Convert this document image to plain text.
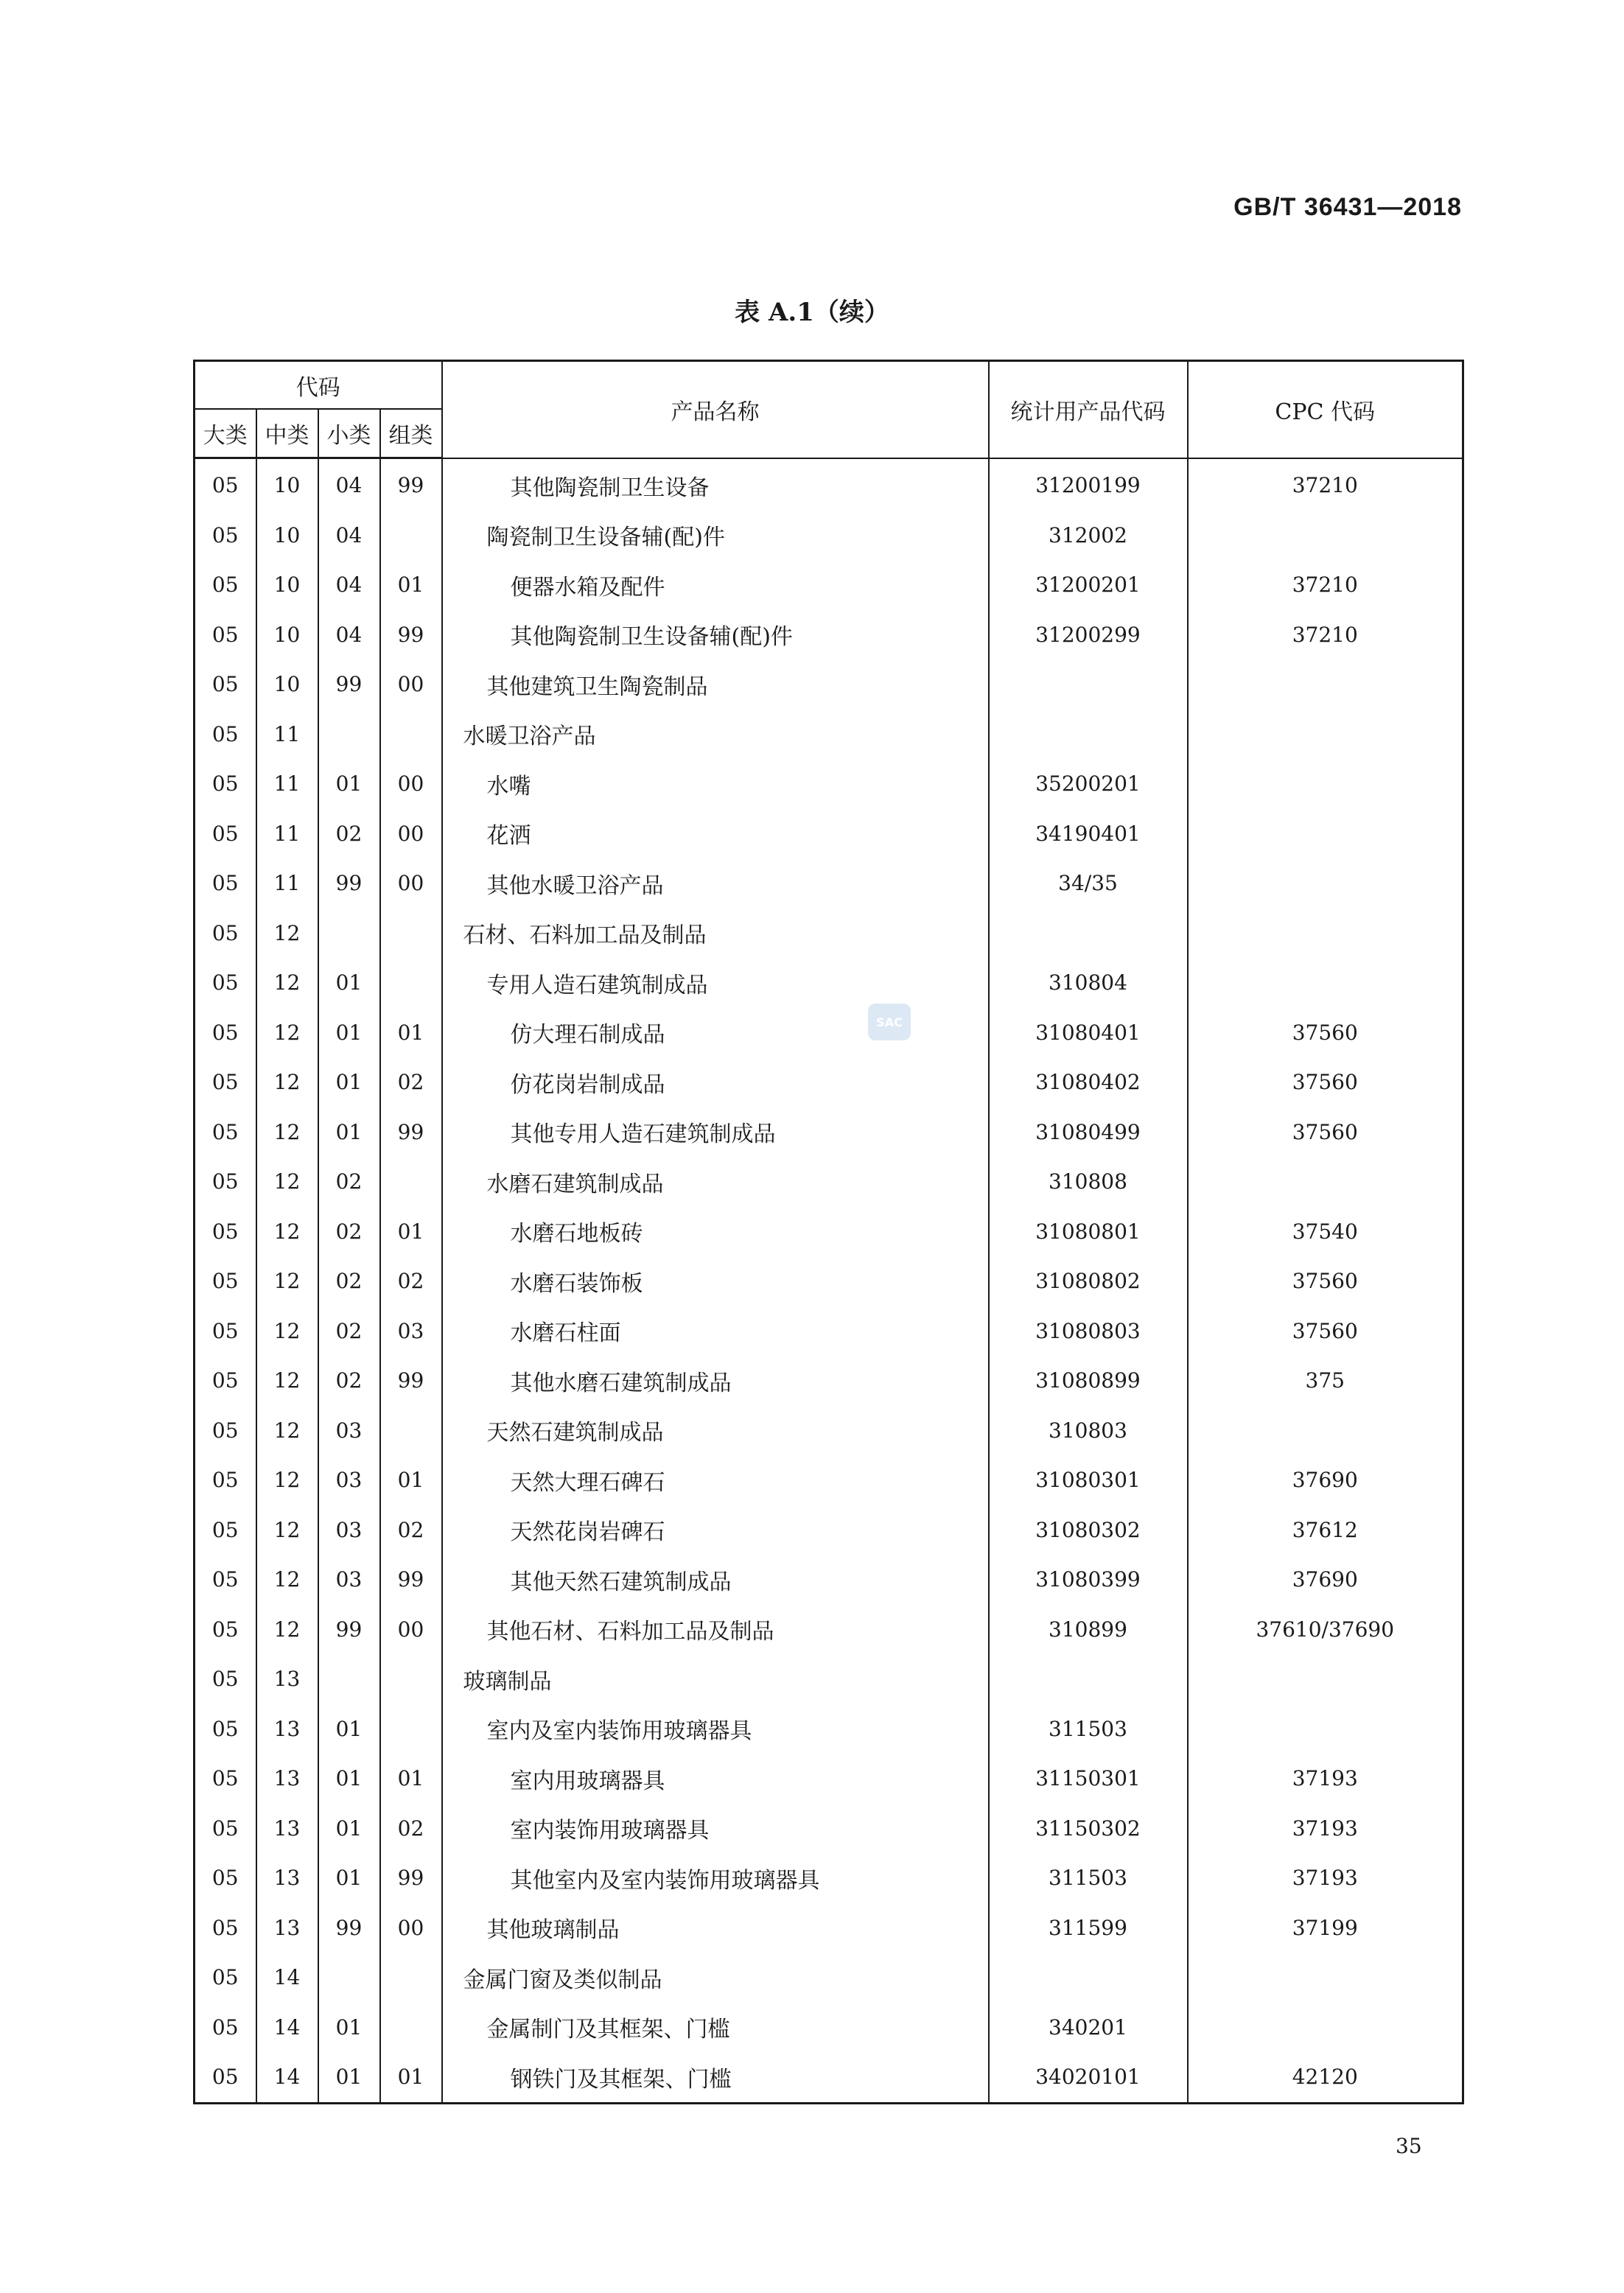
GB/T 36431—2018
表 A.1（续）
代码				产品名称	统计用产品代码	CPC 代码
大类	中类	小类	组类			
05	10	04	99	其他陶瓷制卫生设备	31200199	37210
05	10	04		陶瓷制卫生设备辅(配)件	312002	
05	10	04	01	便器水箱及配件	31200201	37210
05	10	04	99	其他陶瓷制卫生设备辅(配)件	31200299	37210
05	10	99	00	其他建筑卫生陶瓷制品		
05	11			水暖卫浴产品		
05	11	01	00	水嘴	35200201	
05	11	02	00	花洒	34190401	
05	11	99	00	其他水暖卫浴产品	34/35	
05	12			石材、石料加工品及制品		
05	12	01		专用人造石建筑制成品	310804	
05	12	01	01	仿大理石制成品	31080401	37560
05	12	01	02	仿花岗岩制成品	31080402	37560
05	12	01	99	其他专用人造石建筑制成品	31080499	37560
05	12	02		水磨石建筑制成品	310808	
05	12	02	01	水磨石地板砖	31080801	37540
05	12	02	02	水磨石装饰板	31080802	37560
05	12	02	03	水磨石柱面	31080803	37560
05	12	02	99	其他水磨石建筑制成品	31080899	375
05	12	03		天然石建筑制成品	310803	
05	12	03	01	天然大理石碑石	31080301	37690
05	12	03	02	天然花岗岩碑石	31080302	37612
05	12	03	99	其他天然石建筑制成品	31080399	37690
05	12	99	00	其他石材、石料加工品及制品	310899	37610/37690
05	13			玻璃制品		
05	13	01		室内及室内装饰用玻璃器具	311503	
05	13	01	01	室内用玻璃器具	31150301	37193
05	13	01	02	室内装饰用玻璃器具	31150302	37193
05	13	01	99	其他室内及室内装饰用玻璃器具	311503	37193
05	13	99	00	其他玻璃制品	311599	37199
05	14			金属门窗及类似制品		
05	14	01		金属制门及其框架、门槛	340201	
05	14	01	01	钢铁门及其框架、门槛	34020101	42120
SAC
35
